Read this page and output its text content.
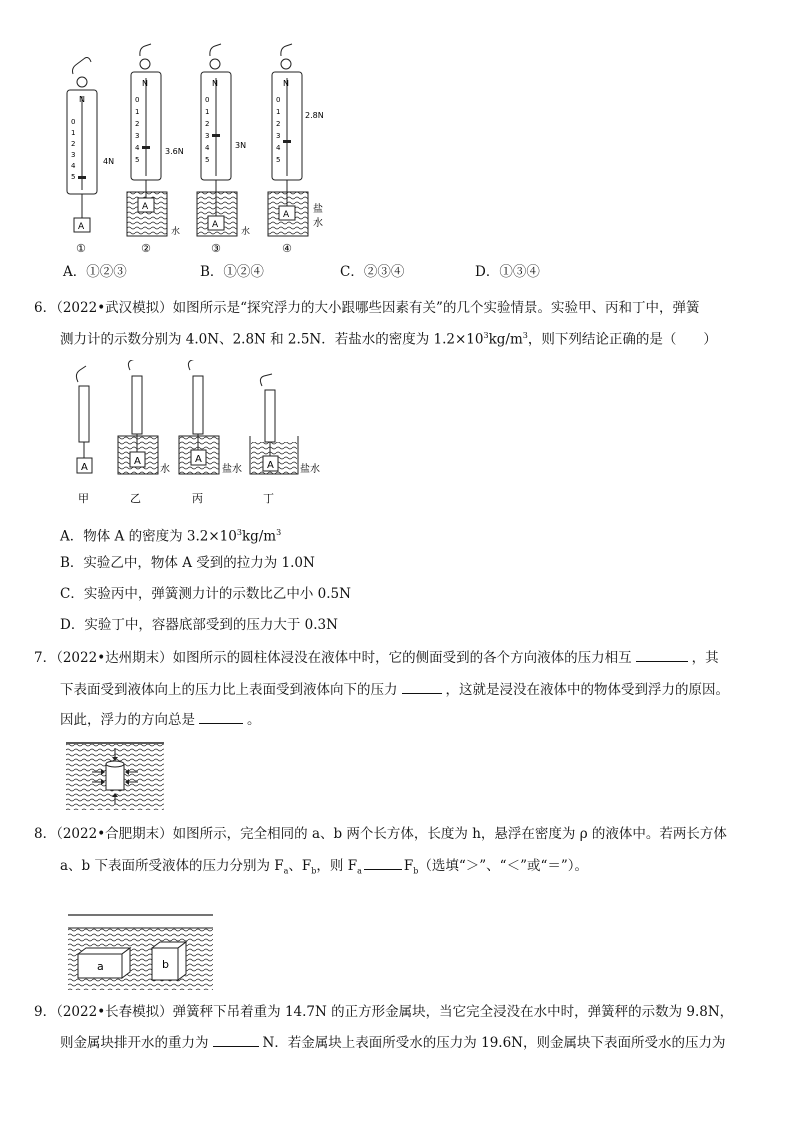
N
0
1
2
3
4
5
4N
A
①
N
0
1
2
3
4
5
3.6N
A
水
②
N
0
1
2
3
4
5
3N
A
水
③
N
0
1
2
3
4
5
2.8N
A 盐
水
④
A．①②③	B．①②④	C．②③④	D．①③④
6．（2022•武汉模拟）如图所示是“探究浮力的大小跟哪些因素有关”的几个实验情景。实验甲、丙和丁中，弹簧
测力计的示数分别为 4.0N、2.8N 和 2.5N．若盐水的密度为 $1.2\times 10^3kg/m^3$，则下列结论正确的是（　　）
A
甲
A
水
乙
A
盐水
丙
A	盐水
丁
A．物体 A 的密度为 $3.2\times 10^3kg/m^3$
B．实验乙中，物体 A 受到的拉力为 1.0N
C．实验丙中，弹簧测力计的示数比乙中小 0.5N
D．实验丁中，容器底部受到的压力大于 0.3N
7．（2022•达州期末）如图所示的圆柱体浸没在液体中时，它的侧面受到的各个方向液体的压力相互	，其
下表面受到液体向上的压力比上表面受到液体向下的压力	，这就是浸没在液体中的物体受到浮力的原因。
因此，浮力的方向总是	。
8．（2022•合肥期末）如图所示，完全相同的 a、b 两个长方体，长度为 h，悬浮在密度为 ρ 的液体中。若两长方体
a、b 下表面所受液体的压力分别为 $F_a$、$F_b$，则 $F_a$	$F_b$（选填“＞”、“＜”或“＝”）。
a	b
9．（2022•长春模拟）弹簧秤下吊着重为 14.7N 的正方形金属块，当它完全浸没在水中时，弹簧秤的示数为 9.8N，
则金属块排开水的重力为	N．若金属块上表面所受水的压力为 19.6N，则金属块下表面所受水的压力为
